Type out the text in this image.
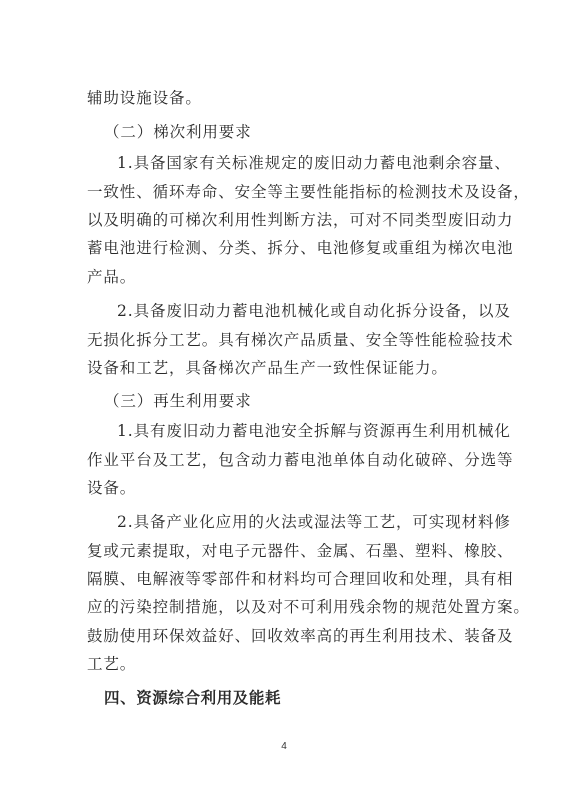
辅助设施设备。
（二）梯次利用要求
1.具备国家有关标准规定的废旧动力蓄电池剩余容量、
一致性、循环寿命、安全等主要性能指标的检测技术及设备，
以及明确的可梯次利用性判断方法，可对不同类型废旧动力
蓄电池进行检测、分类、拆分、电池修复或重组为梯次电池
产品。
2.具备废旧动力蓄电池机械化或自动化拆分设备，以及
无损化拆分工艺。具有梯次产品质量、安全等性能检验技术
设备和工艺，具备梯次产品生产一致性保证能力。
（三）再生利用要求
1.具有废旧动力蓄电池安全拆解与资源再生利用机械化
作业平台及工艺，包含动力蓄电池单体自动化破碎、分选等
设备。
2.具备产业化应用的火法或湿法等工艺，可实现材料修
复或元素提取，对电子元器件、金属、石墨、塑料、橡胶、
隔膜、电解液等零部件和材料均可合理回收和处理，具有相
应的污染控制措施，以及对不可利用残余物的规范处置方案。
鼓励使用环保效益好、回收效率高的再生利用技术、装备及
工艺。
四、资源综合利用及能耗
4
